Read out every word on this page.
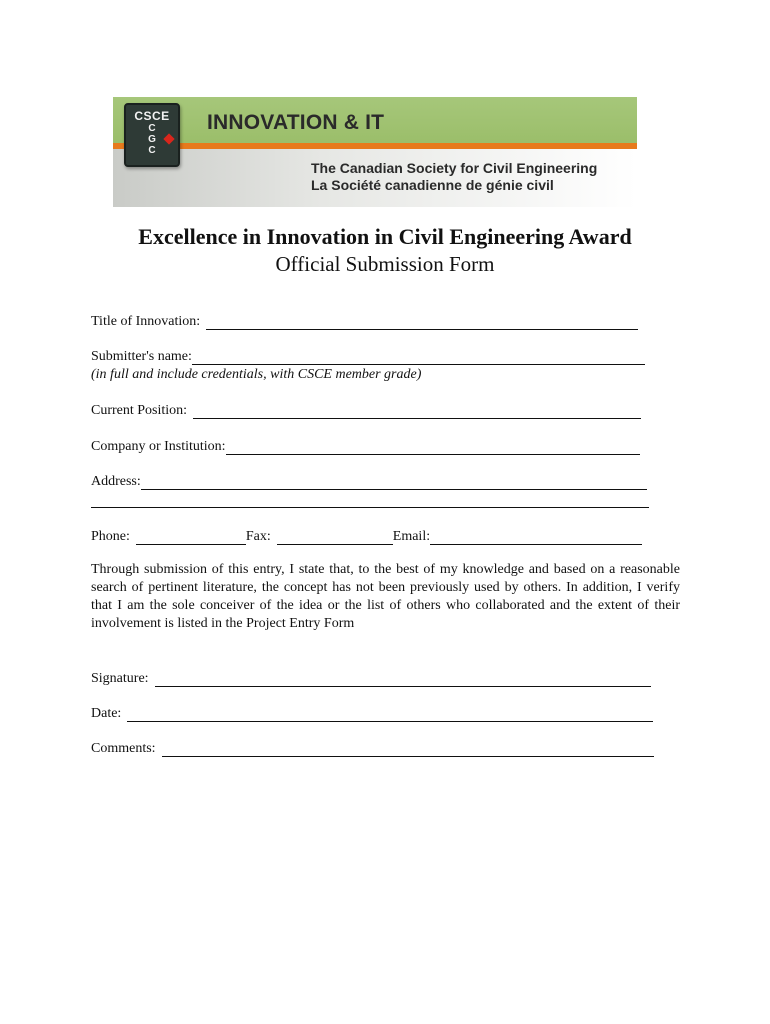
CSCE
C
G
C
INNOVATION & IT
The Canadian Society for Civil Engineering
La Société canadienne de génie civil
Excellence in Innovation in Civil Engineering Award
Official Submission Form
Title of Innovation:
Submitter's name:
(in full and include credentials, with CSCE member grade)
Current Position:
Company or Institution:
Address:
Phone:	Fax:	Email:
Through submission of this entry, I state that, to the best of my knowledge and based on a reasonable search of pertinent literature, the concept has not been previously used by others. In addition, I verify that I am the sole conceiver of the idea or the list of others who collaborated and the extent of their involvement is listed in the Project Entry Form
Signature:
Date:
Comments:
